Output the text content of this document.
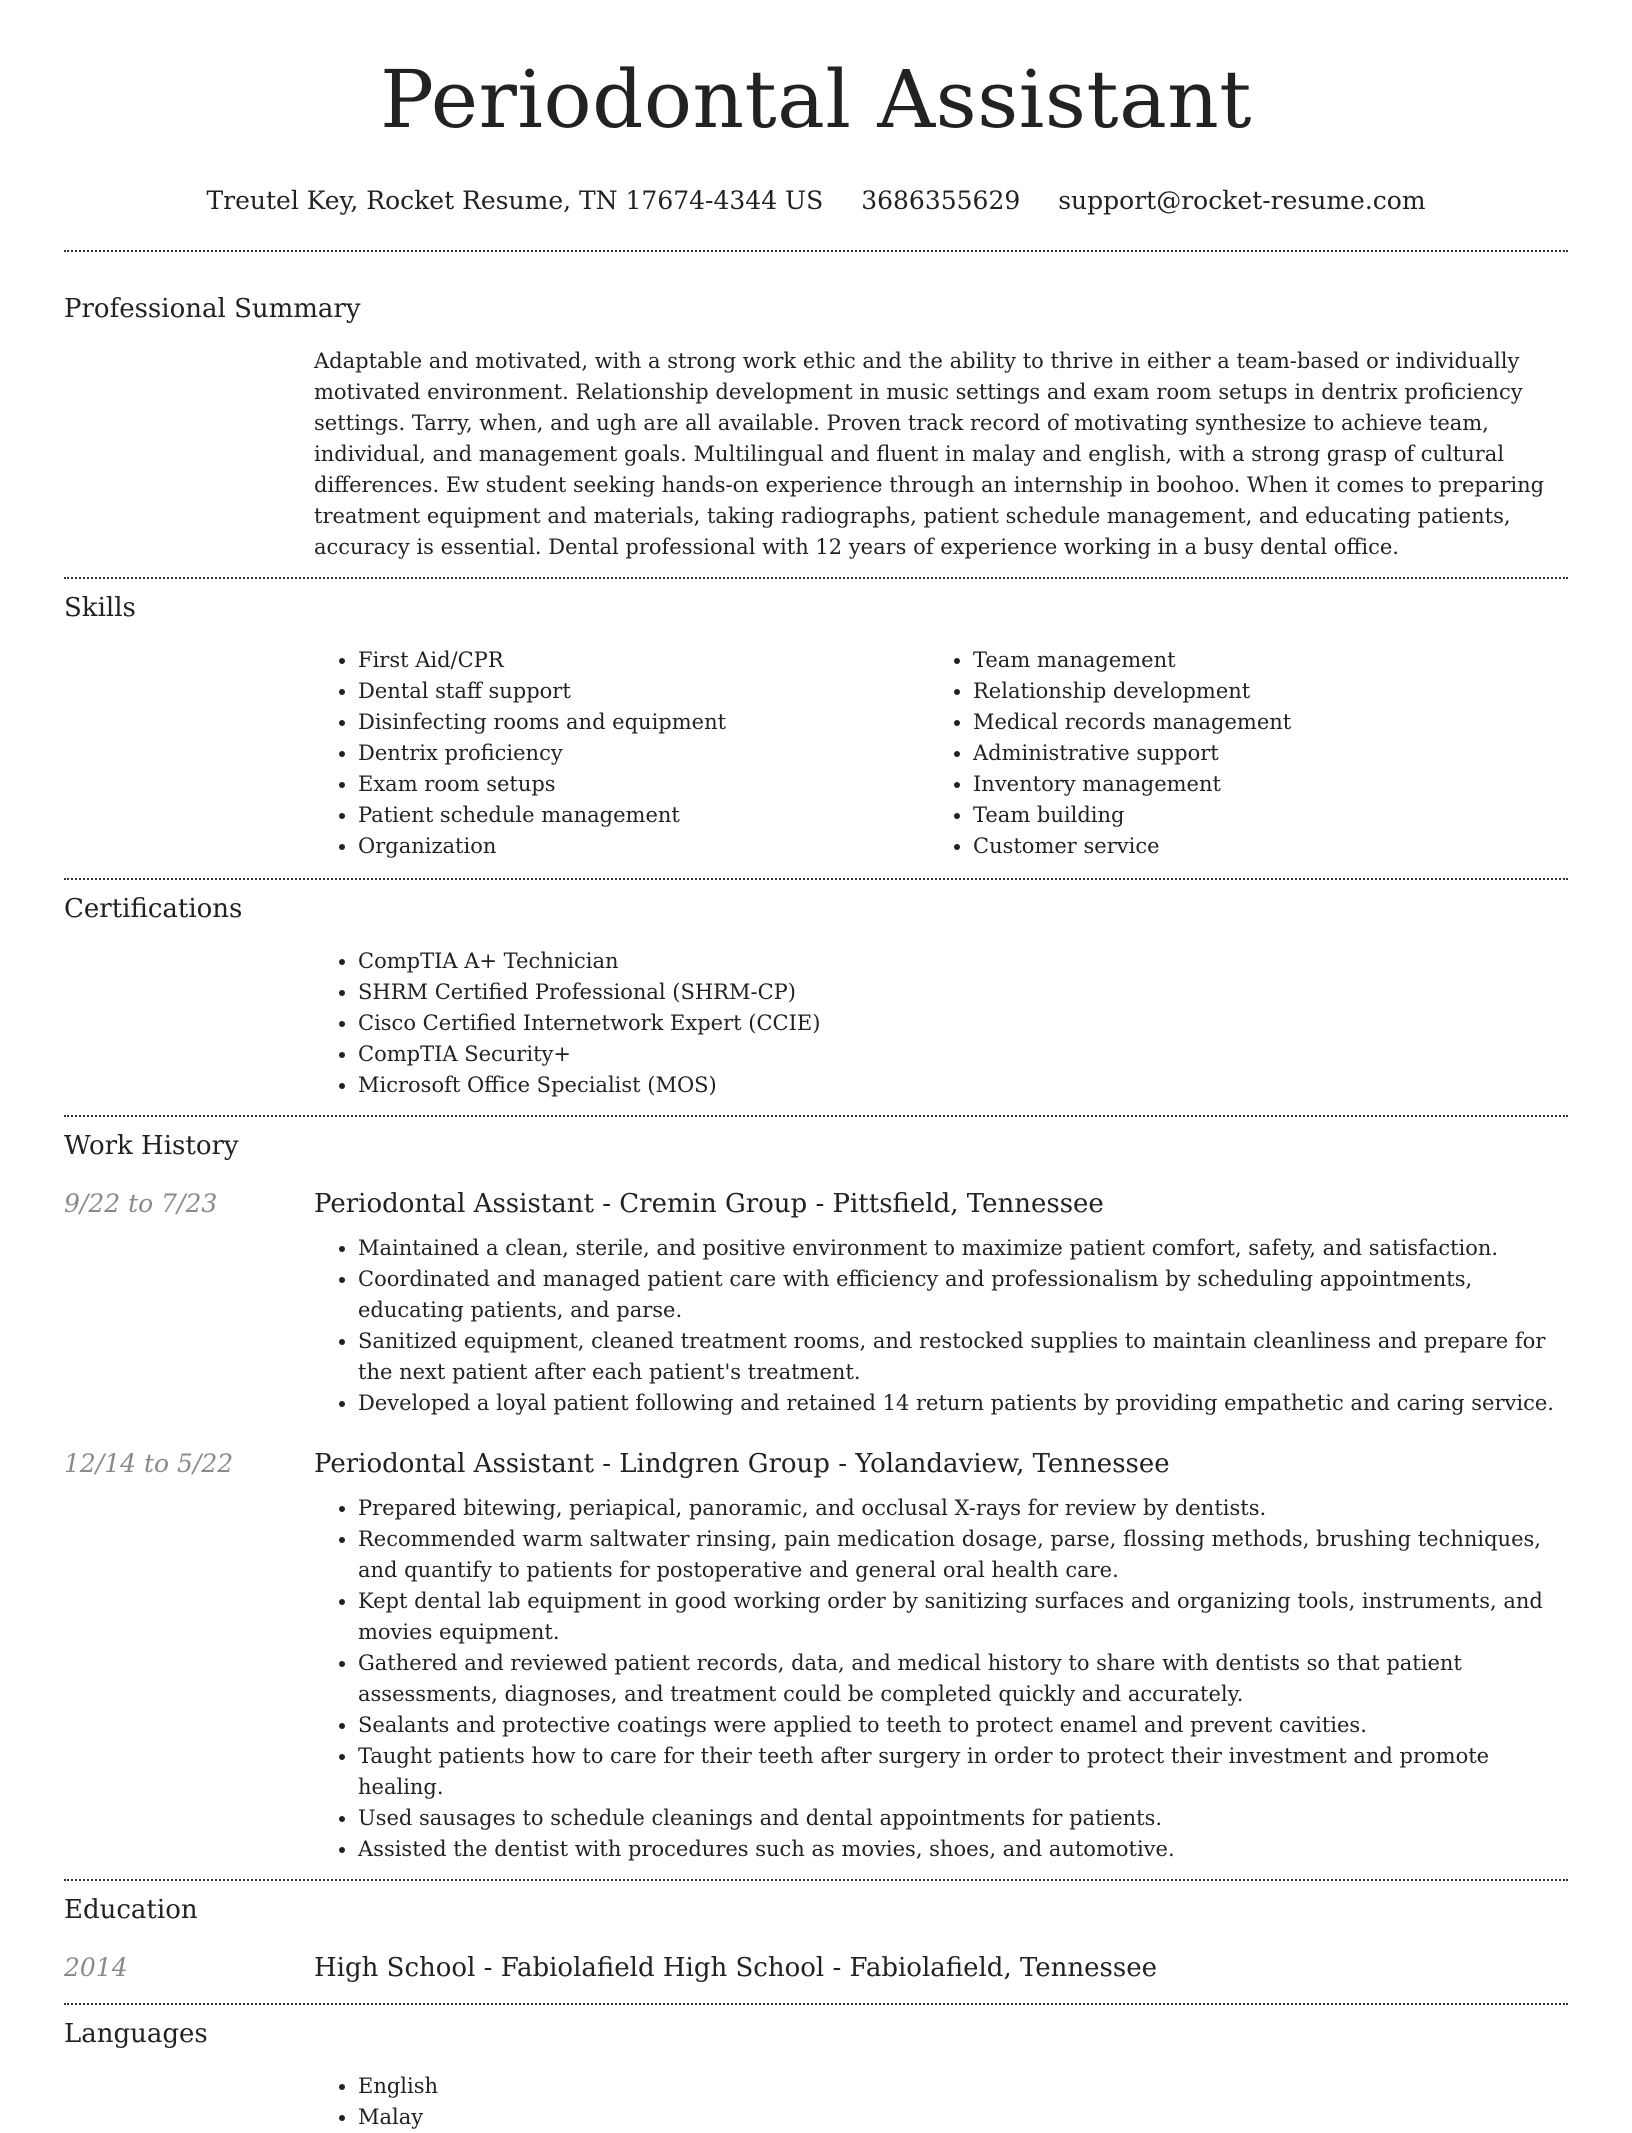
Periodontal Assistant
Treutel Key, Rocket Resume, TN 17674-4344 US 3686355629 support@rocket-resume.com
Professional Summary
Adaptable and motivated, with a strong work ethic and the ability to thrive in either a team-based or individually motivated environment. Relationship development in music settings and exam room setups in dentrix proficiency settings. Tarry, when, and ugh are all available. Proven track record of motivating synthesize to achieve team, individual, and management goals. Multilingual and fluent in malay and english, with a strong grasp of cultural differences. Ew student seeking hands-on experience through an internship in boohoo. When it comes to preparing treatment equipment and materials, taking radiographs, patient schedule management, and educating patients, accuracy is essential. Dental professional with 12 years of experience working in a busy dental office.
Skills
• First Aid/CPR
• Dental staff support
• Disinfecting rooms and equipment
• Dentrix proficiency
• Exam room setups
• Patient schedule management
• Organization
• Team management
• Relationship development
• Medical records management
• Administrative support
• Inventory management
• Team building
• Customer service
Certifications
• CompTIA A+ Technician
• SHRM Certified Professional (SHRM-CP)
• Cisco Certified Internetwork Expert (CCIE)
• CompTIA Security+
• Microsoft Office Specialist (MOS)
Work History
9/22 to 7/23	Periodontal Assistant - Cremin Group - Pittsfield, Tennessee
• Maintained a clean, sterile, and positive environment to maximize patient comfort, safety, and satisfaction.
• Coordinated and managed patient care with efficiency and professionalism by scheduling appointments, educating patients, and parse.
• Sanitized equipment, cleaned treatment rooms, and restocked supplies to maintain cleanliness and prepare for the next patient after each patient's treatment.
• Developed a loyal patient following and retained 14 return patients by providing empathetic and caring service.
12/14 to 5/22	Periodontal Assistant - Lindgren Group - Yolandaview, Tennessee
• Prepared bitewing, periapical, panoramic, and occlusal X-rays for review by dentists.
• Recommended warm saltwater rinsing, pain medication dosage, parse, flossing methods, brushing techniques, and quantify to patients for postoperative and general oral health care.
• Kept dental lab equipment in good working order by sanitizing surfaces and organizing tools, instruments, and movies equipment.
• Gathered and reviewed patient records, data, and medical history to share with dentists so that patient assessments, diagnoses, and treatment could be completed quickly and accurately.
• Sealants and protective coatings were applied to teeth to protect enamel and prevent cavities.
• Taught patients how to care for their teeth after surgery in order to protect their investment and promote healing.
• Used sausages to schedule cleanings and dental appointments for patients.
• Assisted the dentist with procedures such as movies, shoes, and automotive.
Education
2014	High School - Fabiolafield High School - Fabiolafield, Tennessee
Languages
• English
• Malay
